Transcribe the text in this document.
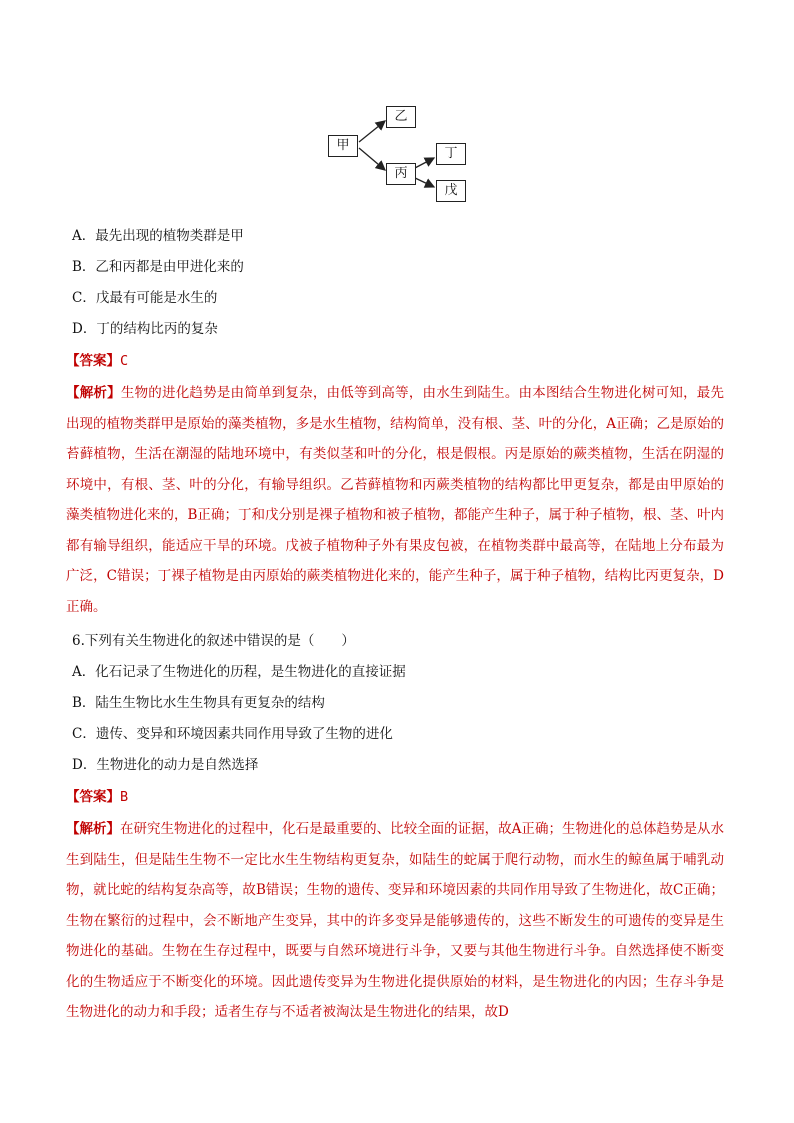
甲
乙
丙
丁
戊
A．最先出现的植物类群是甲
B．乙和丙都是由甲进化来的
C．戊最有可能是水生的
D．丁的结构比丙的复杂
【答案】C
【解析】生物的进化趋势是由简单到复杂，由低等到高等，由水生到陆生。由本图结合生物进化树可知，最先出现的植物类群甲是原始的藻类植物，多是水生植物，结构简单，没有根、茎、叶的分化，A正确；乙是原始的苔藓植物，生活在潮湿的陆地环境中，有类似茎和叶的分化，根是假根。丙是原始的蕨类植物，生活在阴湿的环境中，有根、茎、叶的分化，有输导组织。乙苔藓植物和丙蕨类植物的结构都比甲更复杂，都是由甲原始的藻类植物进化来的，B正确；丁和戊分别是裸子植物和被子植物，都能产生种子，属于种子植物，根、茎、叶内都有输导组织，能适应干旱的环境。戊被子植物种子外有果皮包被，在植物类群中最高等，在陆地上分布最为广泛，C错误；丁裸子植物是由丙原始的蕨类植物进化来的，能产生种子，属于种子植物，结构比丙更复杂，D正确。
6.下列有关生物进化的叙述中错误的是（　　）
A．化石记录了生物进化的历程，是生物进化的直接证据
B．陆生生物比水生生物具有更复杂的结构
C．遗传、变异和环境因素共同作用导致了生物的进化
D．生物进化的动力是自然选择
【答案】B
【解析】在研究生物进化的过程中，化石是最重要的、比较全面的证据，故A正确；生物进化的总体趋势是从水生到陆生，但是陆生生物不一定比水生生物结构更复杂，如陆生的蛇属于爬行动物，而水生的鲸鱼属于哺乳动物，就比蛇的结构复杂高等，故B错误；生物的遗传、变异和环境因素的共同作用导致了生物进化，故C正确；生物在繁衍的过程中，会不断地产生变异，其中的许多变异是能够遗传的，这些不断发生的可遗传的变异是生物进化的基础。生物在生存过程中，既要与自然环境进行斗争，又要与其他生物进行斗争。自然选择使不断变化的生物适应于不断变化的环境。因此遗传变异为生物进化提供原始的材料，是生物进化的内因；生存斗争是生物进化的动力和手段；适者生存与不适者被淘汰是生物进化的结果，故D
